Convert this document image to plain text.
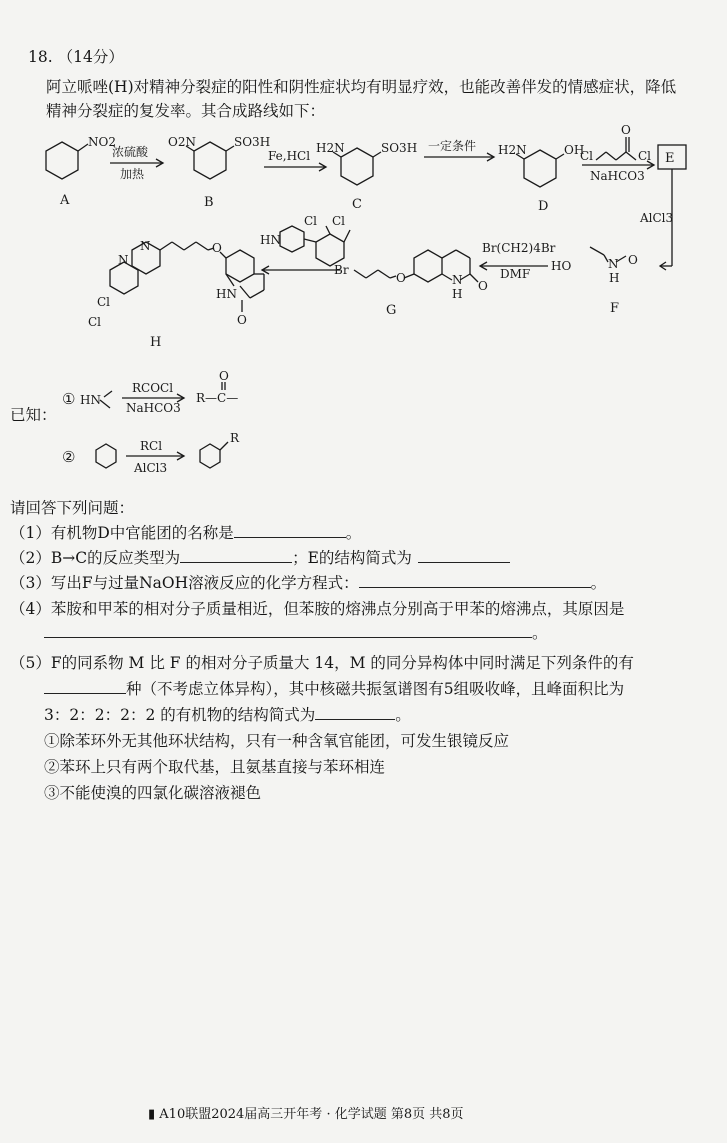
18. （14分）
阿立哌唑(H)对精神分裂症的阳性和阴性症状均有明显疗效，也能改善伴发的情感症状，降低
精神分裂症的复发率。其合成路线如下：
NO2
浓硫酸
加热
O2N	SO3H
Fe,HCl
H2N	SO3H 一定条件 H2N	OH
Cl
O
Cl
NaHCO3
E
AlCl3
HO	N
H
O
Br(CH2)4Br
DMF
Br
O	N
H
O
HN
Cl Cl
N
N
Cl
Cl
O
HN
O
A	B	C	D
F
G
H
已知：
① HN
RCOCl
NaHCO3
R—C—
O
②
RCl
AlCl3
R
请回答下列问题：
（1）有机物D中官能团的名称是	。
（2）B→C的反应类型为	；E的结构简式为
（3）写出F与过量NaOH溶液反应的化学方程式：	。
（4）苯胺和甲苯的相对分子质量相近，但苯胺的熔沸点分别高于甲苯的熔沸点，其原因是
。
（5）F的同系物 M 比 F 的相对分子质量大 14，M 的同分异构体中同时满足下列条件的有
种（不考虑立体异构），其中核磁共振氢谱图有5组吸收峰，且峰面积比为
3：2：2：2：2 的有机物的结构简式为	。
①除苯环外无其他环状结构，只有一种含氧官能团，可发生银镜反应
②苯环上只有两个取代基，且氨基直接与苯环相连
③不能使溴的四氯化碳溶液褪色
▮ A10联盟2024届高三开年考 · 化学试题 第8页 共8页
